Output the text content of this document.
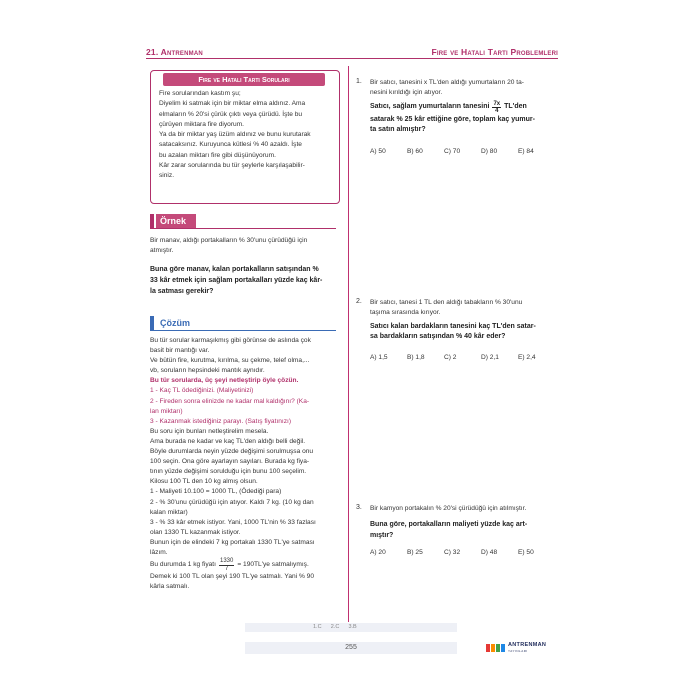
21. Antrenman	Fire ve Hatalı Tartı Problemleri
Fire ve Hatalı Tartı Soruları
Fire sorularından kastım şu;
Diyelim ki satmak için bir miktar elma aldınız. Ama
elmaların % 20'si çürük çıktı veya çürüdü. İşte bu
çürüyen miktara fire diyorum.
Ya da bir miktar yaş üzüm aldınız ve bunu kurutarak
satacaksınız. Kuruyunca kütlesi % 40 azaldı. İşte
bu azalan miktarı fire gibi düşünüyorum.
Kâr zarar sorularında bu tür şeylerle karşılaşabilir-
siniz.
Örnek
Bir manav, aldığı portakalların % 30'unu çürüdüğü için
atmıştır.
Buna göre manav, kalan portakalların satışından %
33 kâr etmek için sağlam portakalları yüzde kaç kâr-
la satması gerekir?
Çözüm
Bu tür sorular karmaşıkmış gibi görünse de aslında çok
basit bir mantığı var.
Ve bütün fire, kurutma, kırılma, su çekme, telef olma,...
vb, soruların hepsindeki mantık aynıdır.
Bu tür sorularda, üç şeyi netleştirip öyle çözün.
1 - Kaç TL ödediğinizi. (Maliyetinizi)
2 - Fireden sonra elinizde ne kadar mal kaldığını? (Ka-
lan miktarı)
3 - Kazanmak istediğiniz parayı. (Satış fiyatınızı)
Bu soru için bunları netleştirelim mesela.
Ama burada ne kadar ve kaç TL'den aldığı belli değil.
Böyle durumlarda neyin yüzde değişimi sorulmuşsa onu
100 seçin. Ona göre ayarlayın sayıları. Burada kg fiya-
tının yüzde değişimi sorulduğu için bunu 100 seçelim.
Kilosu 100 TL den 10 kg almış olsun.
1 - Maliyeti 10.100 = 1000 TL, (Ödediği para)
2 - % 30'unu çürüdüğü için atıyor. Kaldı 7 kg. (10 kg dan
kalan miktar)
3 - % 33 kâr etmek istiyor. Yani, 1000 TL'nin % 33 fazlası
olan 1330 TL kazanmak istiyor.
Bunun için de elindeki 7 kg portakalı 1330 TL'ye satması
lâzım.
Bu durumda 1 kg fiyatı $\frac{1330}{7} = 190TL'ye$ satmalıymış.
Demek ki 100 TL olan şeyi 190 TL'ye satmalı. Yani % 90
kârla satmalı.
1. Bir satıcı, tanesini x TL'den aldığı yumurtaların 20 ta-
nesini kırıldığı için atıyor.
Satıcı, sağlam yumurtaların tanesini $\frac{7x}{4} TL'den$
satarak % 25 kâr ettiğine göre, toplam kaç yumur-
ta satın almıştır?
A) 50	B) 60	C) 70	D) 80	E) 84
2. Bir satıcı, tanesi 1 TL den aldığı tabakların % 30'unu
taşıma sırasında kırıyor.
Satıcı kalan bardakların tanesini kaç TL'den satar-
sa bardakların satışından % 40 kâr eder?
A) 1,5	B) 1,8	C) 2	D) 2,1	E) 2,4
3. Bir kamyon portakalın % 20'si çürüdüğü için atılmıştır.
Buna göre, portakalların maliyeti yüzde kaç art-
mıştır?
A) 20	B) 25	C) 32	D) 48	E) 50
1.C      2.C      3.B
255	ANTRENMAN
YAYINLARI
